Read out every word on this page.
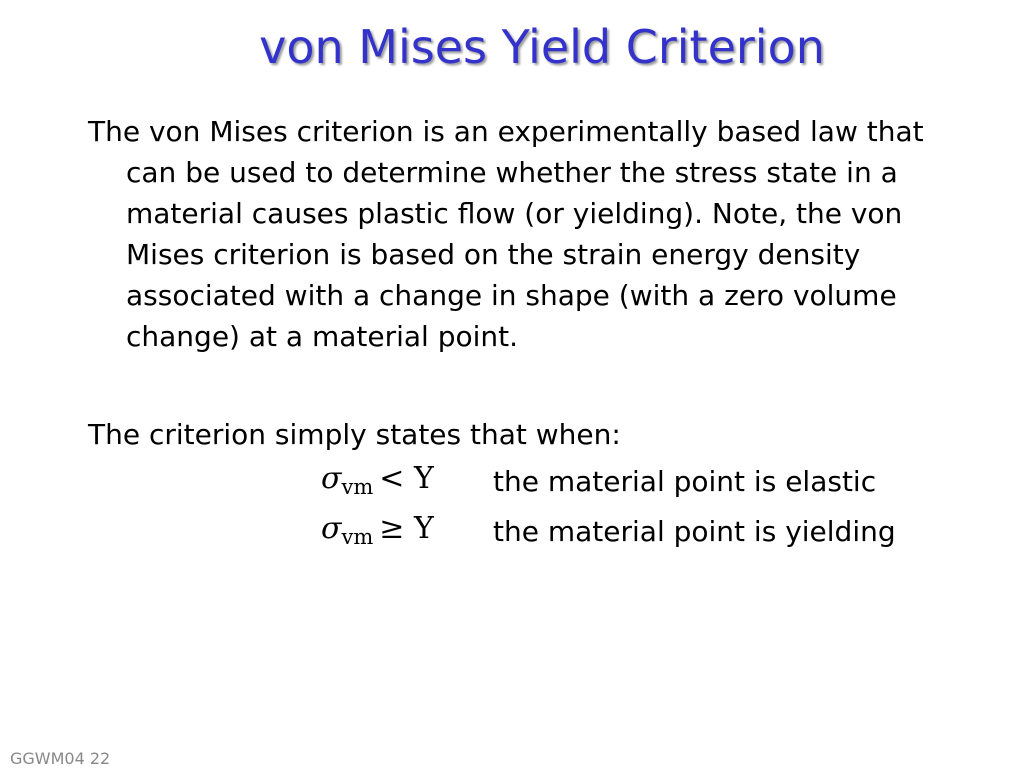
von Mises Yield Criterion
The von Mises criterion is an experimentally based law that can be used to determine whether the stress state in a material causes plastic flow (or yielding). Note, the von Mises criterion is based on the strain energy density associated with a change in shape (with a zero volume change) at a material point.
The criterion simply states that when:
$\sigma_{vm} < Y$ the material point is elastic
$\sigma_{vm} \ge Y$ the material point is yielding
GGWM04 22
